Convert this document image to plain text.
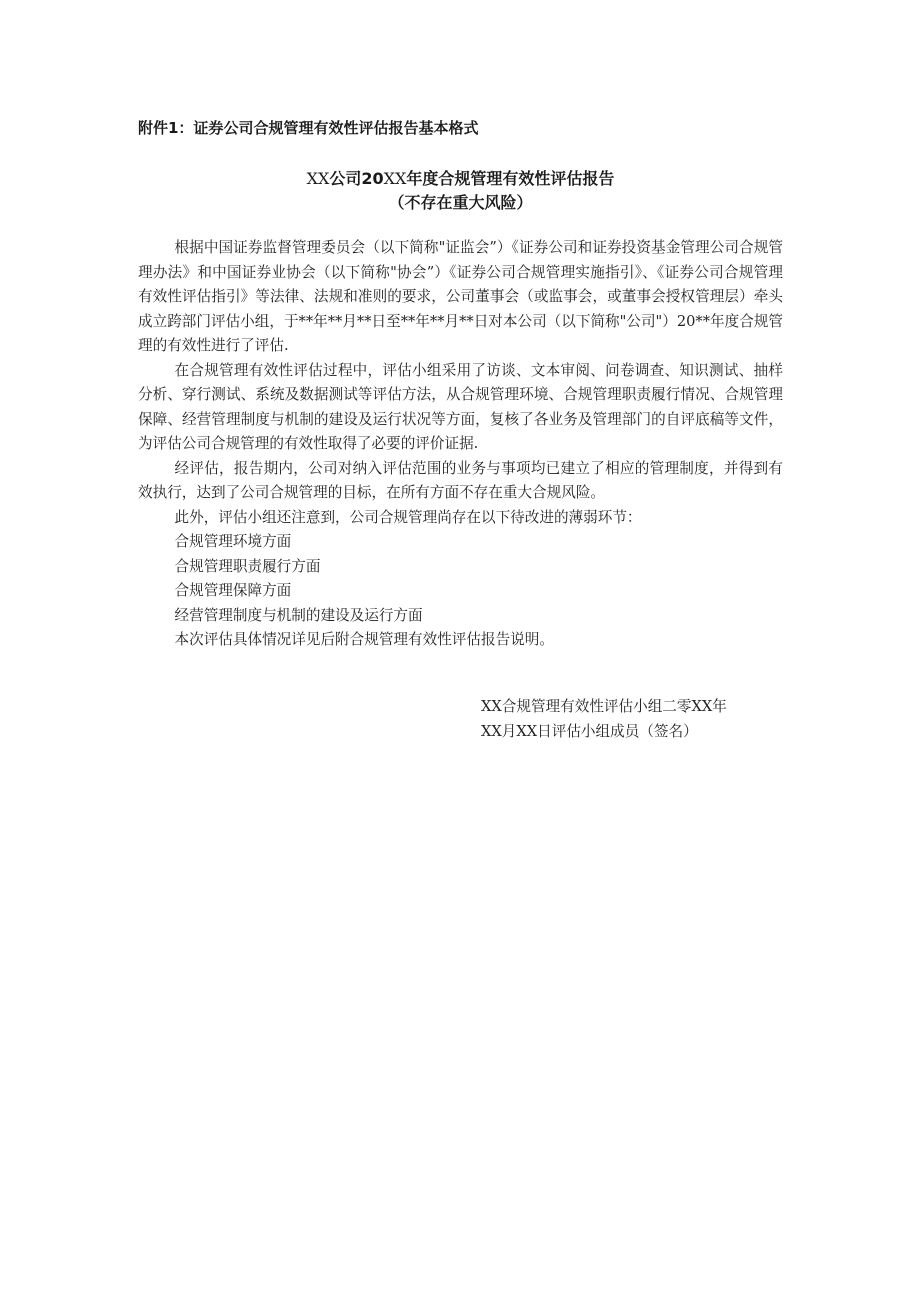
附件1：证券公司合规管理有效性评估报告基本格式
XX公司20XX年度合规管理有效性评估报告
（不存在重大风险）

根据中国证券监督管理委员会（以下简称"证监会”）《证券公司和证券投资基金管理公司合规管理办法》和中国证券业协会（以下简称"协会”）《证券公司合规管理实施指引》、《证券公司合规管理有效性评估指引》等法律、法规和准则的要求，公司董事会（或监事会，或董事会授权管理层）牵头成立跨部门评估小组，于**年**月**日至**年**月**日对本公司（以下简称"公司"）20**年度合规管理的有效性进行了评估.

在合规管理有效性评估过程中，评估小组采用了访谈、文本审阅、问卷调查、知识测试、抽样分析、穿行测试、系统及数据测试等评估方法，从合规管理环境、合规管理职责履行情况、合规管理保障、经营管理制度与机制的建设及运行状况等方面，复核了各业务及管理部门的自评底稿等文件，为评估公司合规管理的有效性取得了必要的评价证据.

经评估，报告期内，公司对纳入评估范围的业务与事项均已建立了相应的管理制度，并得到有效执行，达到了公司合规管理的目标，在所有方面不存在重大合规风险。

此外，评估小组还注意到，公司合规管理尚存在以下待改进的薄弱环节：

合规管理环境方面

合规管理职责履行方面

合规管理保障方面

经营管理制度与机制的建设及运行方面

本次评估具体情况详见后附合规管理有效性评估报告说明。

XX合规管理有效性评估小组二零XX年

XX月XX日评估小组成员（签名）
